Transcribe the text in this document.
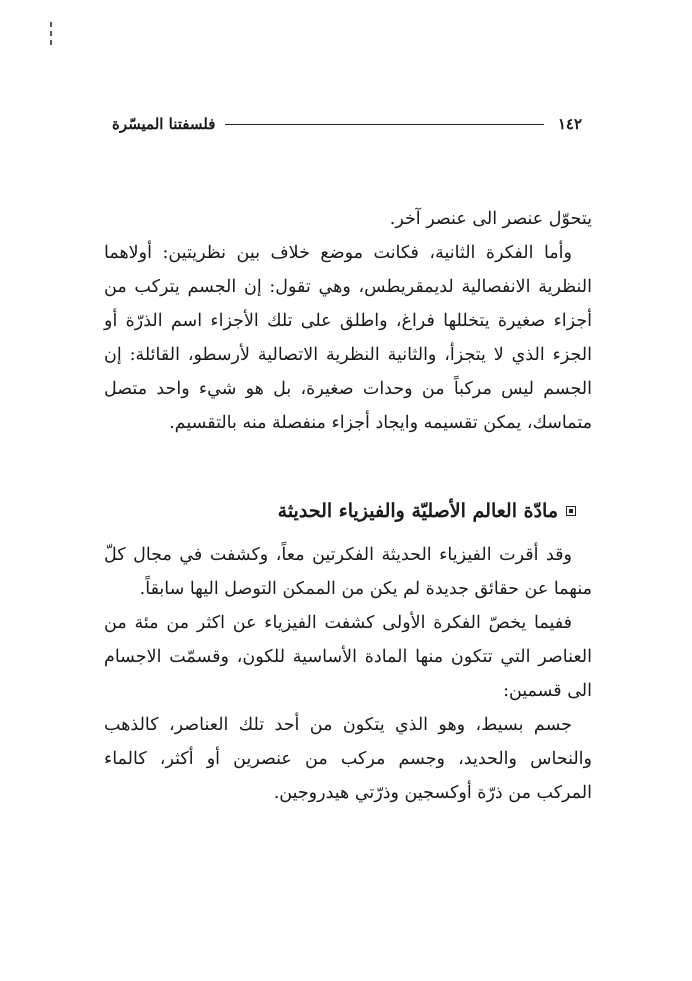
١٤٢
فلسفتنا الميسّرة

يتحوّل عنصر الى عنصر آخر.

وأما الفكرة الثانية، فكانت موضع خلاف بين نظريتين: أولاهما النظرية الانفصالية لديمقريطس، وهي تقول: إن الجسم يتركب من أجزاء صغيرة يتخللها فراغ، واطلق على تلك الأجزاء اسم الذرّة أو الجزء الذي لا يتجزأ، والثانية النظرية الاتصالية لأرسطو، القائلة: إن الجسم ليس مركباً من وحدات صغيرة، بل هو شيء واحد متصل متماسك، يمكن تقسيمه وايجاد أجزاء منفصلة منه بالتقسيم.

مادّة العالم الأصليّة والفيزياء الحديثة

وقد أقرت الفيزياء الحديثة الفكرتين معاً، وكشفت في مجال كلّ منهما عن حقائق جديدة لم يكن من الممكن التوصل اليها سابقاً.

ففيما يخصّ الفكرة الأولى كشفت الفيزياء عن اكثر من مئة من العناصر التي تتكون منها المادة الأساسية للكون، وقسمّت الاجسام الى قسمين:

جسم بسيط، وهو الذي يتكون من أحد تلك العناصر، كالذهب والنحاس والحديد، وجسم مركب من عنصرين أو أكثر، كالماء المركب من ذرّة أوكسجين وذرّتي هيدروجين.
